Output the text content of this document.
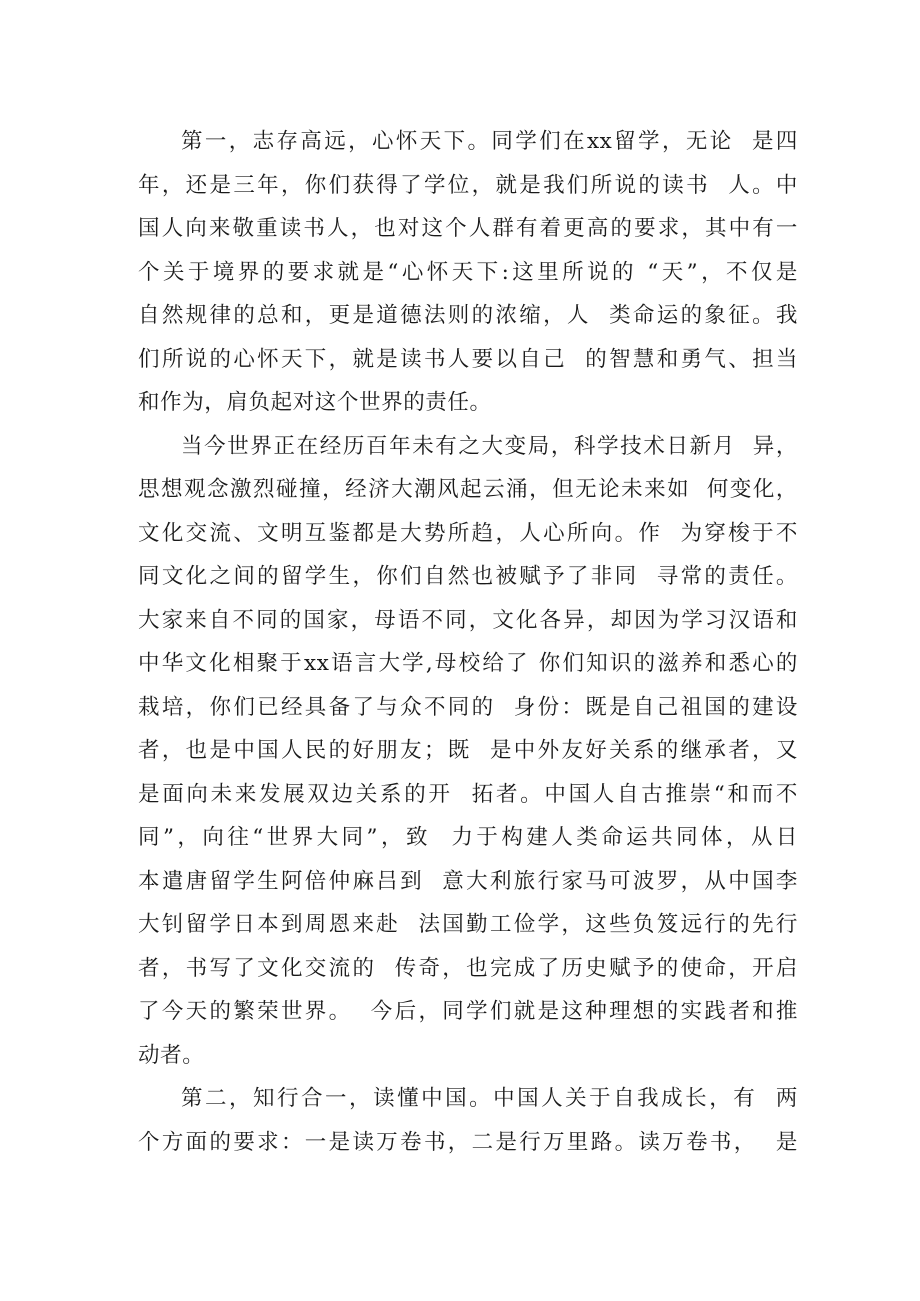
第一，志存高远，心怀天下。同学们在xx留学，无论  是四
年，还是三年，你们获得了学位，就是我们所说的读书  人。中
国人向来敬重读书人，也对这个人群有着更高的要求，其中有一
个关于境界的要求就是“心怀天下:这里所说的 “天”，不仅是
自然规律的总和，更是道德法则的浓缩，人  类命运的象征。我
们所说的心怀天下，就是读书人要以自己  的智慧和勇气、担当
和作为，肩负起对这个世界的责任。
当今世界正在经历百年未有之大变局，科学技术日新月  异，
思想观念激烈碰撞，经济大潮风起云涌，但无论未来如  何变化，
文化交流、文明互鉴都是大势所趋，人心所向。作  为穿梭于不
同文化之间的留学生，你们自然也被赋予了非同  寻常的责任。
大家来自不同的国家，母语不同，文化各异，却因为学习汉语和
中华文化相聚于xx语言大学,母校给了 你们知识的滋养和悉心的
栽培，你们已经具备了与众不同的  身份：既是自己祖国的建设
者，也是中国人民的好朋友；既  是中外友好关系的继承者，又
是面向未来发展双边关系的开  拓者。中国人自古推崇“和而不
同”，向往“世界大同”，致  力于构建人类命运共同体，从日
本遣唐留学生阿倍仲麻吕到  意大利旅行家马可波罗，从中国李
大钊留学日本到周恩来赴  法国勤工俭学，这些负笈远行的先行
者，书写了文化交流的  传奇，也完成了历史赋予的使命，开启
了今天的繁荣世界。  今后，同学们就是这种理想的实践者和推
动者。
第二，知行合一，读懂中国。中国人关于自我成长，有  两
个方面的要求：一是读万卷书，二是行万里路。读万卷书，  是
